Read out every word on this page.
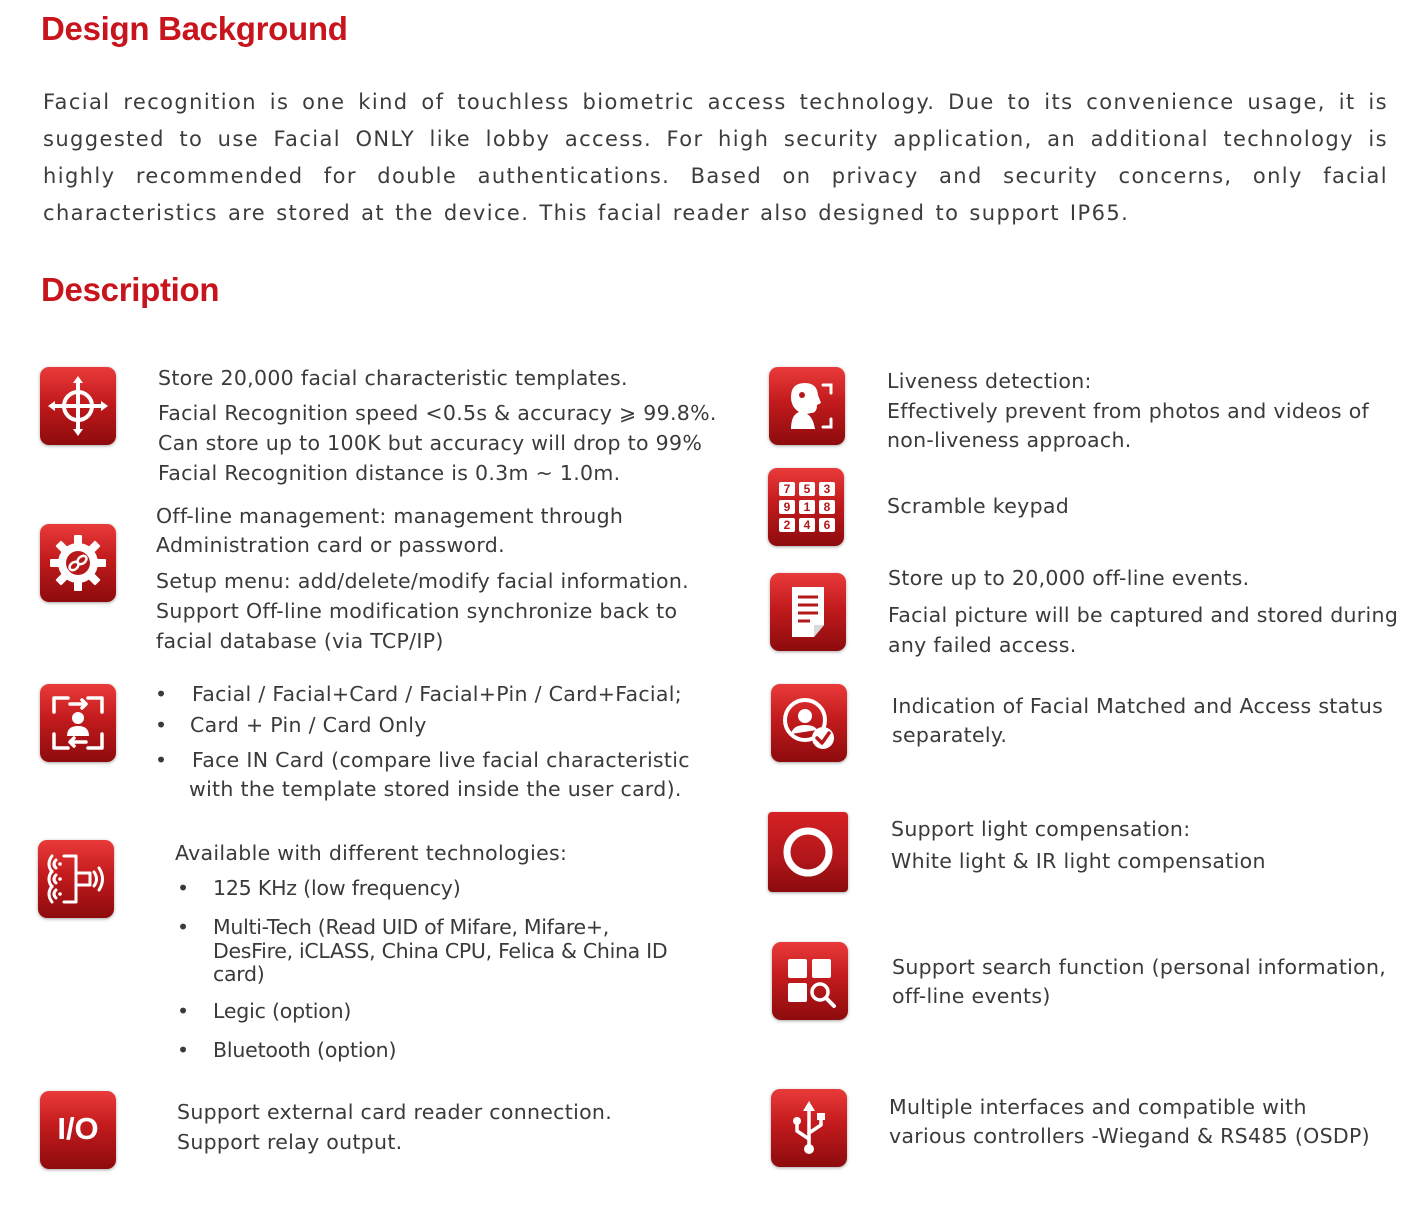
Design Background

Facial recognition is one kind of touchless biometric access technology. Due to its convenience usage, it is suggested to use Facial ONLY like lobby access. For high security application, an additional technology is highly recommended for double authentications. Based on privacy and security concerns, only facial characteristics are stored at the device. This facial reader also designed to support IP65.

Description
Store 20,000 facial characteristic templates.
Facial Recognition speed <0.5s & accuracy ⩾ 99.8%.
Can store up to 100K but accuracy will drop to 99%
Facial Recognition distance is 0.3m ~ 1.0m.
Off-line management: management through
Administration card or password.
Setup menu: add/delete/modify facial information.
Support Off-line modification synchronize back to
facial database (via TCP/IP)
• Facial / Facial+Card / Facial+Pin / Card+Facial;
• Card + Pin / Card Only
• Face IN Card (compare live facial characteristic
with the template stored inside the user card).
Available with different technologies:
• 125 KHz (low frequency)
• Multi-Tech (Read UID of Mifare, Mifare+,
DesFire, iCLASS, China CPU, Felica & China ID
card)
• Legic (option)
• Bluetooth (option)
I/O	Support external card reader connection.
Support relay output.
Liveness detection:
Effectively prevent from photos and videos of
non-liveness approach.
7	5	3
9	1	8
2	4	6
Scramble keypad
Store up to 20,000 off-line events.
Facial picture will be captured and stored during
any failed access.
Indication of Facial Matched and Access status
separately.
Support light compensation:
White light & IR light compensation
Support search function (personal information,
off-line events)
Multiple interfaces and compatible with
various controllers -Wiegand & RS485 (OSDP)
